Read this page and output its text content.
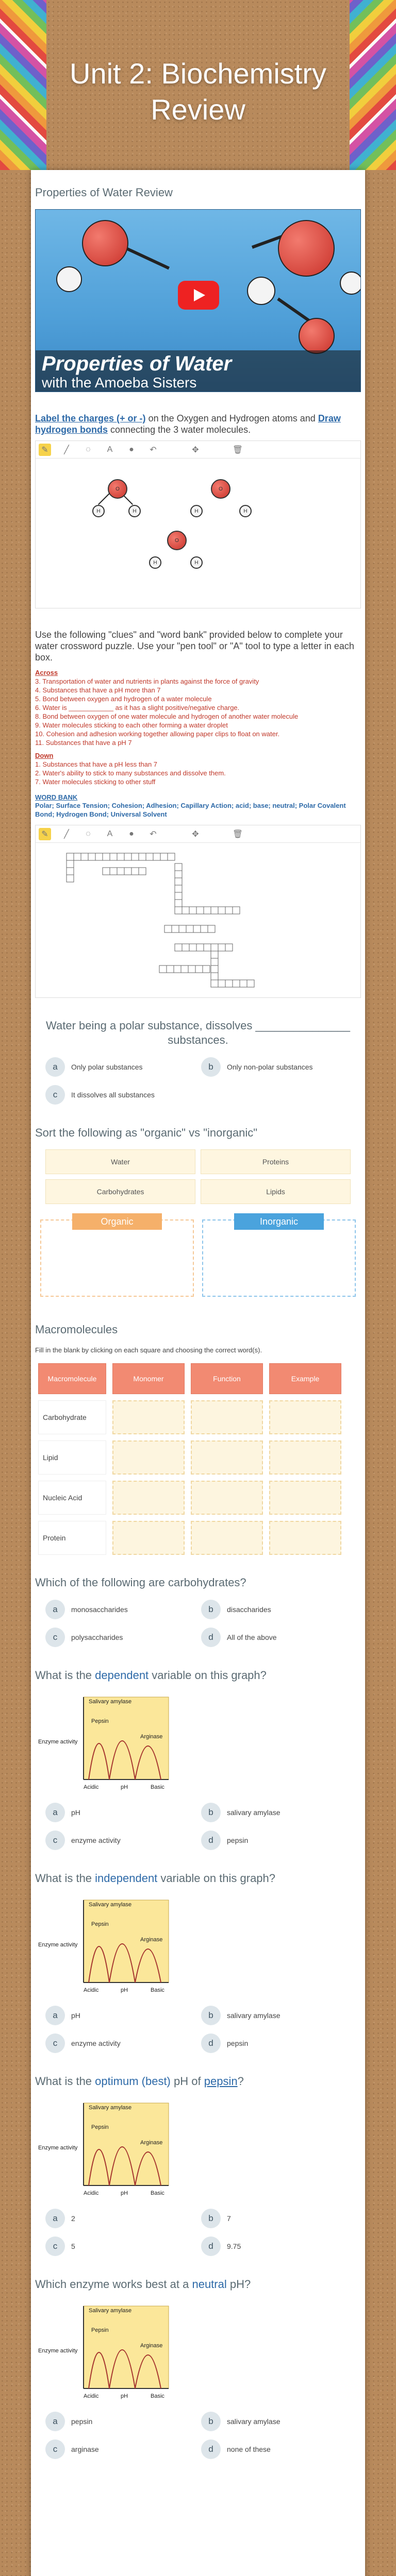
Unit 2: Biochemistry Review
Properties of Water Review
Properties of Water
with the Amoeba Sisters
Label the charges (+ or -) on the Oxygen and Hydrogen atoms and Draw hydrogen bonds connecting the 3 water molecules.
✎	╱	◌	A	●	↶	✥	🗑
O
H	H
O
H	H
O
H	H
Use the following "clues" and "word bank" provided below to complete your water crossword puzzle. Use your "pen tool" or "A" tool to type a letter in each box.
Across
3. Transportation of water and nutrients in plants against the force of gravity
4. Substances that have a pH more than 7
5. Bond between oxygen and hydrogen of a water molecule
6. Water is ____________ as it has a slight positive/negative charge.
8. Bond between oxygen of one water molecule and hydrogen of another water molecule
9. Water molecules sticking to each other forming a water droplet
10. Cohesion and adhesion working together allowing paper clips to float on water.
11. Substances that have a pH 7
Down
1. Substances that have a pH less than 7
2. Water's ability to stick to many substances and dissolve them.
7. Water molecules sticking to other stuff
WORD BANK
Polar; Surface Tension; Cohesion; Adhesion; Capillary Action; acid; base; neutral; Polar Covalent Bond; Hydrogen Bond; Universal Solvent
✎	╱	◌	A	●	↶	✥	🗑
Water being a polar substance, dissolves _______________ substances.
a	Only polar substances	b	Only non-polar substances
c	It dissolves all substances
Sort the following as "organic" vs "inorganic"
Water	Proteins
Carbohydrates	Lipids
Organic	Inorganic
Macromolecules
Fill in the blank by clicking on each square and choosing the correct word(s).
Macromolecule	Monomer	Function	Example
Carbohydrate
Lipid
Nucleic Acid
Protein
Which of the following are carbohydrates?
a	monosaccharides	b	disaccharides
c	polysaccharides	d	All of the above
What is the dependent variable on this graph?
Salivary amylase
Pepsin
Arginase
Enzyme activity
Acidic	pH	Basic
a	pH	b	salivary amylase
c	enzyme activity	d	pepsin
What is the independent variable on this graph?
Salivary amylase
Pepsin
Arginase
Enzyme activity
Acidic	pH	Basic
a	pH	b	salivary amylase
c	enzyme activity	d	pepsin
What is the optimum (best) pH of pepsin?
Salivary amylase
Pepsin
Arginase
Enzyme activity
Acidic	pH	Basic
a	2	b	7
c	5	d	9.75
Which enzyme works best at a neutral pH?
Salivary amylase
Pepsin
Arginase
Enzyme activity
Acidic	pH	Basic
a	pepsin	b	salivary amylase
c	arginase	d	none of these
